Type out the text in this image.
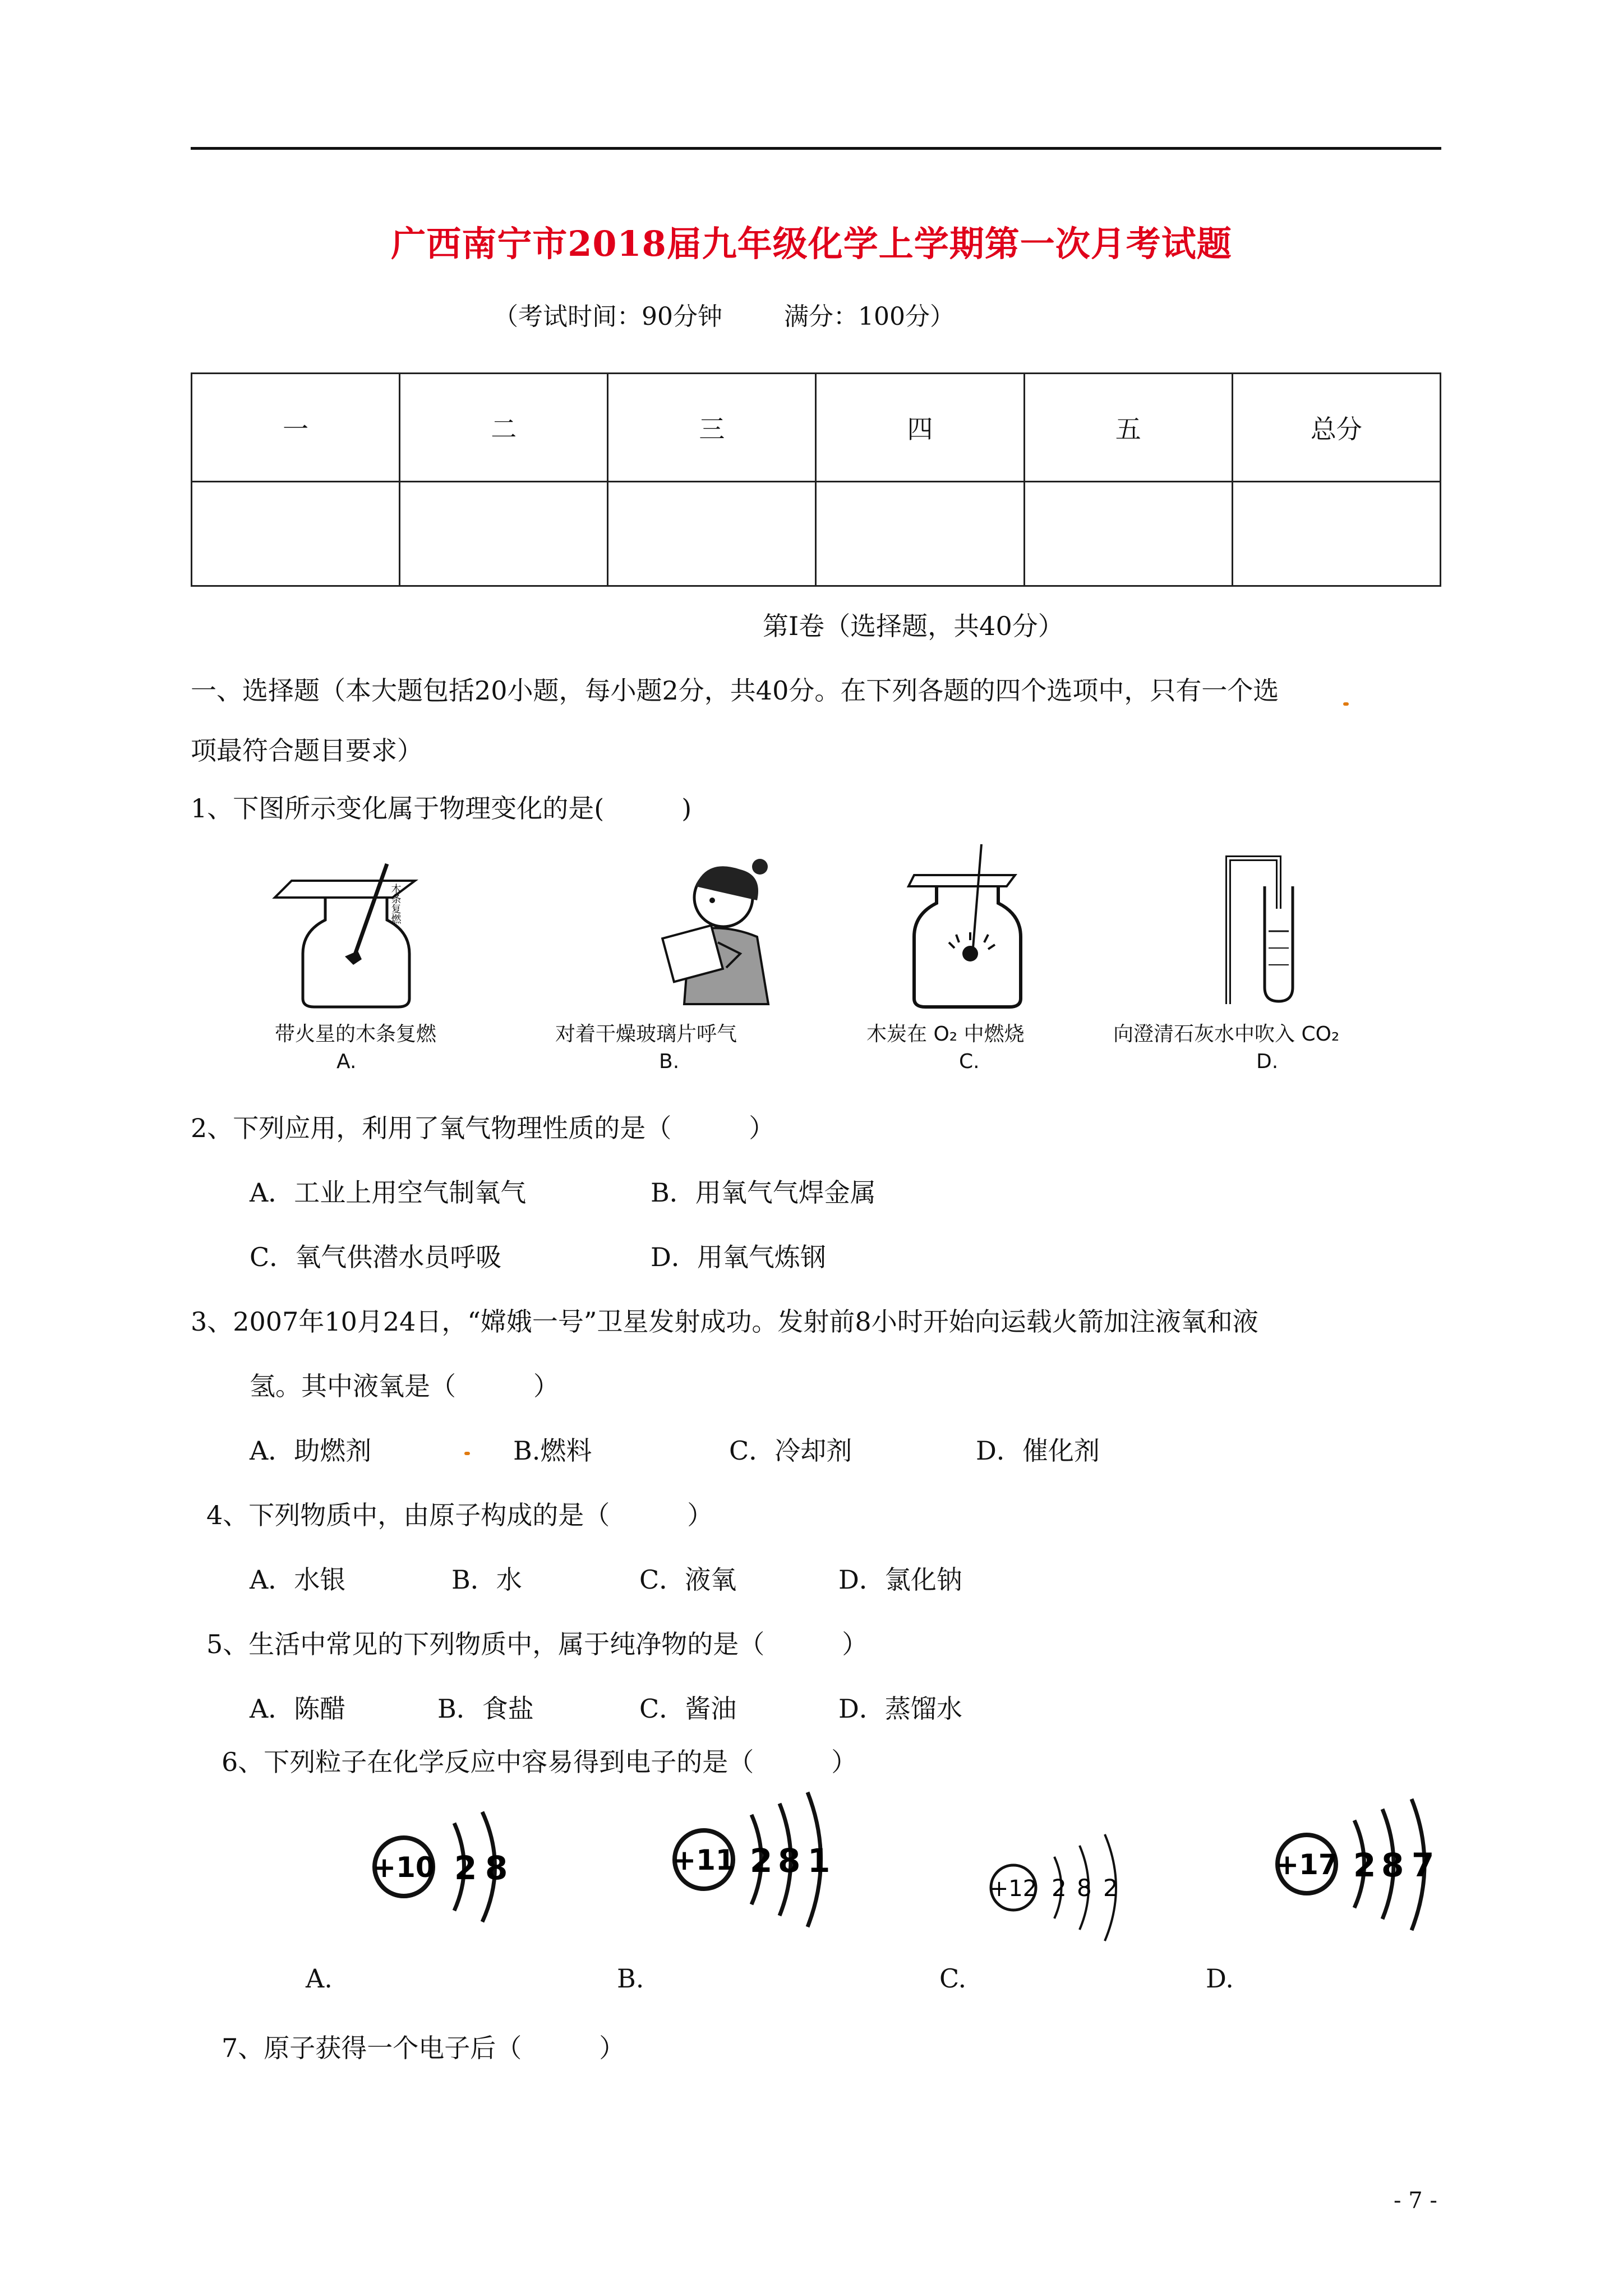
广西南宁市2018届九年级化学上学期第一次月考试题
（考试时间：90分钟	满分：100分）
一	二	三	四	五	总分

第Ⅰ卷（选择题，共40分）
一、选择题（本大题包括20小题，每小题2分，共40分。在下列各题的四个选项中，只有一个选
项最符合题目要求）
1、下图所示变化属于物理变化的是(　　　)
木条复燃
带火星的木条复燃
A.
对着干燥玻璃片呼气
B.
木炭在 O₂ 中燃烧
C.
向澄清石灰水中吹入 CO₂
D.
2、下列应用，利用了氧气物理性质的是（　　　）
A．工业上用空气制氧气	B．用氧气气焊金属
C．氧气供潜水员呼吸	D．用氧气炼钢
3、2007年10月24日，“嫦娥一号”卫星发射成功。发射前8小时开始向运载火箭加注液氧和液
氢。其中液氧是（　　　）
A．助燃剂	B.燃料	C．冷却剂	D．催化剂
4、下列物质中，由原子构成的是（　　　）
A．水银	B．水	C．液氧	D．氯化钠
5、生活中常见的下列物质中，属于纯净物的是（　　　）
A．陈醋	B．食盐	C．酱油	D．蒸馏水
6、下列粒子在化学反应中容易得到电子的是（　　　）
+10 2 8
A.
+11 2 8 1
B.
+12 2 8 2
C.
+17 2 8 7
D.
7、原子获得一个电子后（　　　）
- 7 -
